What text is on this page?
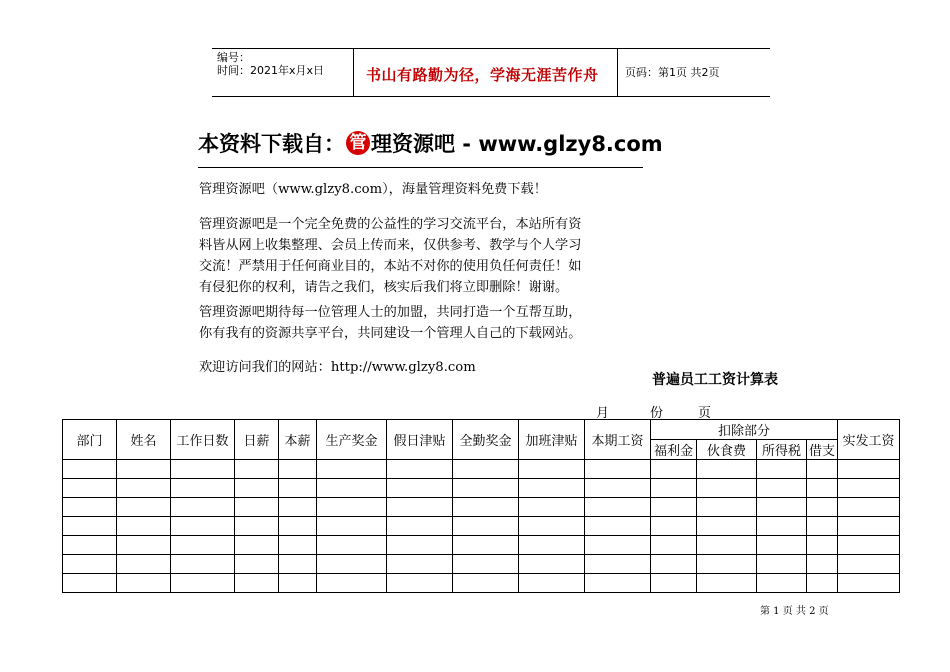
编号：
时间：2021年x月x日	书山有路勤为径，学海无涯苦作舟 页码：第1页 共2页
本资料下载自： 管 理资源吧 - www.glzy8.com
管理资源吧（www.glzy8.com），海量管理资料免费下载！
管理资源吧是一个完全免费的公益性的学习交流平台，本站所有资
料皆从网上收集整理、会员上传而来，仅供参考、教学与个人学习
交流！严禁用于任何商业目的，本站不对你的使用负任何责任！如
有侵犯你的权利，请告之我们，核实后我们将立即删除！谢谢。
管理资源吧期待每一位管理人士的加盟，共同打造一个互帮互助，
你有我有的资源共享平台，共同建设一个管理人自己的下载网站。
欢迎访问我们的网站：http://www.glzy8.com
普遍员工工资计算表
月	份	页
部门	姓名	工作日数	日薪	本薪	生产奖金	假日津贴	全勤奖金	加班津贴	本期工资	扣除部分				实发工资
										福利金	伙食费	所得税	借支	

第 1 页 共 2 页
